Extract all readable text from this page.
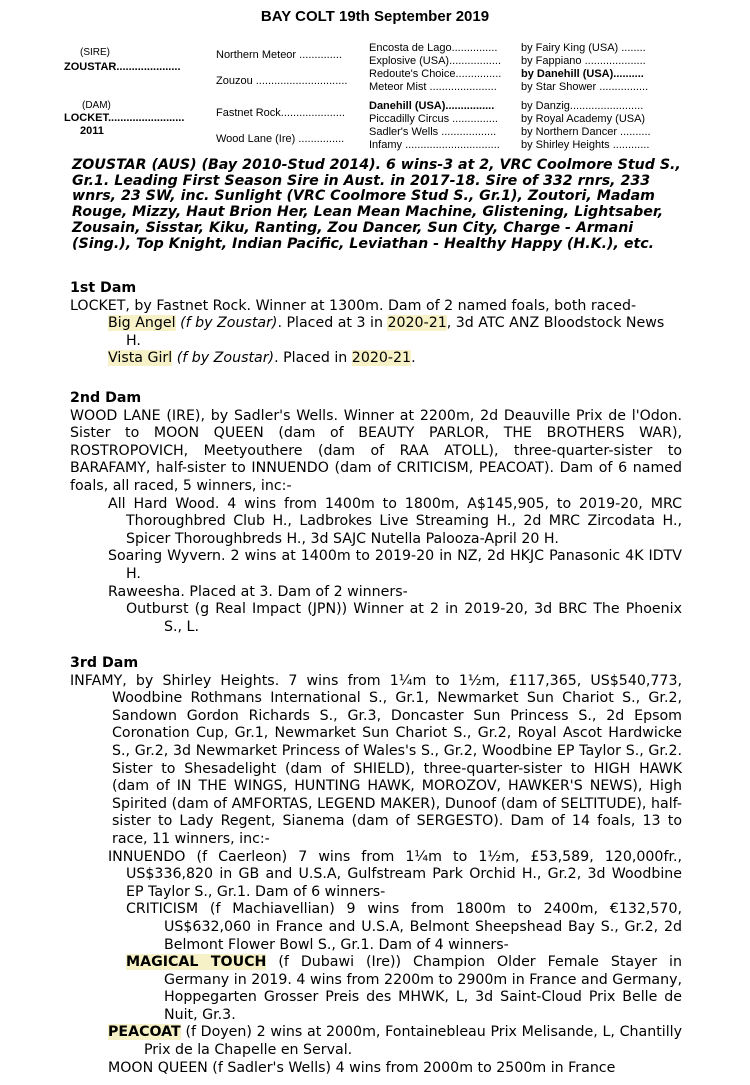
BAY COLT 19th September 2019
(SIRE)
ZOUSTAR.....................
(DAM)
LOCKET.........................
2011
Northern Meteor ..............
Zouzou ..............................
Fastnet Rock.....................
Wood Lane (Ire) ...............
Encosta de Lago...............
Explosive (USA).................
Redoute's Choice...............
Meteor Mist ......................
Danehill (USA)................
Piccadilly Circus ...............
Sadler's Wells ..................
Infamy ...............................
by Fairy King (USA) ........
by Fappiano ....................
by Danehill (USA)..........
by Star Shower ................
by Danzig........................
by Royal Academy (USA)
by Northern Dancer ..........
by Shirley Heights ............
ZOUSTAR (AUS) (Bay 2010-Stud 2014). 6 wins-3 at 2, VRC Coolmore Stud S., Gr.1. Leading First Season Sire in Aust. in 2017-18. Sire of 332 rnrs, 233 wnrs, 23 SW, inc. Sunlight (VRC Coolmore Stud S., Gr.1), Zoutori, Madam Rouge, Mizzy, Haut Brion Her, Lean Mean Machine, Glistening, Lightsaber, Zousain, Sisstar, Kiku, Ranting, Zou Dancer, Sun City, Charge - Armani (Sing.), Top Knight, Indian Pacific, Leviathan - Healthy Happy (H.K.), etc.
1st Dam
LOCKET, by Fastnet Rock. Winner at 1300m. Dam of 2 named foals, both raced-
Big Angel (f by Zoustar). Placed at 3 in 2020-21, 3d ATC ANZ Bloodstock News H.
Vista Girl (f by Zoustar). Placed in 2020-21.
2nd Dam
WOOD LANE (IRE), by Sadler's Wells. Winner at 2200m, 2d Deauville Prix de l'Odon. Sister to MOON QUEEN (dam of BEAUTY PARLOR, THE BROTHERS WAR), ROSTROPOVICH, Meetyouthere (dam of RAA ATOLL), three-quarter-sister to BARAFAMY, half-sister to INNUENDO (dam of CRITICISM, PEACOAT). Dam of 6 named foals, all raced, 5 winners, inc:-
All Hard Wood. 4 wins from 1400m to 1800m, A$145,905, to 2019-20, MRC Thoroughbred Club H., Ladbrokes Live Streaming H., 2d MRC Zircodata H., Spicer Thoroughbreds H., 3d SAJC Nutella Palooza-April 20 H.
Soaring Wyvern. 2 wins at 1400m to 2019-20 in NZ, 2d HKJC Panasonic 4K IDTV H.
Raweesha. Placed at 3. Dam of 2 winners-
Outburst (g Real Impact (JPN)) Winner at 2 in 2019-20, 3d BRC The Phoenix S., L.
3rd Dam
INFAMY, by Shirley Heights. 7 wins from 1¼m to 1½m, £117,365, US$540,773, Woodbine Rothmans International S., Gr.1, Newmarket Sun Chariot S., Gr.2, Sandown Gordon Richards S., Gr.3, Doncaster Sun Princess S., 2d Epsom Coronation Cup, Gr.1, Newmarket Sun Chariot S., Gr.2, Royal Ascot Hardwicke S., Gr.2, 3d Newmarket Princess of Wales's S., Gr.2, Woodbine EP Taylor S., Gr.2. Sister to Shesadelight (dam of SHIELD), three-quarter-sister to HIGH HAWK (dam of IN THE WINGS, HUNTING HAWK, MOROZOV, HAWKER'S NEWS), High Spirited (dam of AMFORTAS, LEGEND MAKER), Dunoof (dam of SELTITUDE), half-sister to Lady Regent, Sianema (dam of SERGESTO). Dam of 14 foals, 13 to race, 11 winners, inc:-
INNUENDO (f Caerleon) 7 wins from 1¼m to 1½m, £53,589, 120,000fr., US$336,820 in GB and U.S.A, Gulfstream Park Orchid H., Gr.2, 3d Woodbine EP Taylor S., Gr.1. Dam of 6 winners-
CRITICISM (f Machiavellian) 9 wins from 1800m to 2400m, €132,570, US$632,060 in France and U.S.A, Belmont Sheepshead Bay S., Gr.2, 2d Belmont Flower Bowl S., Gr.1. Dam of 4 winners-
MAGICAL TOUCH (f Dubawi (Ire)) Champion Older Female Stayer in Germany in 2019. 4 wins from 2200m to 2900m in France and Germany, Hoppegarten Grosser Preis des MHWK, L, 3d Saint-Cloud Prix Belle de Nuit, Gr.3.
PEACOAT (f Doyen) 2 wins at 2000m, Fontainebleau Prix Melisande, L, Chantilly Prix de la Chapelle en Serval.
MOON QUEEN (f Sadler's Wells) 4 wins from 2000m to 2500m in France
